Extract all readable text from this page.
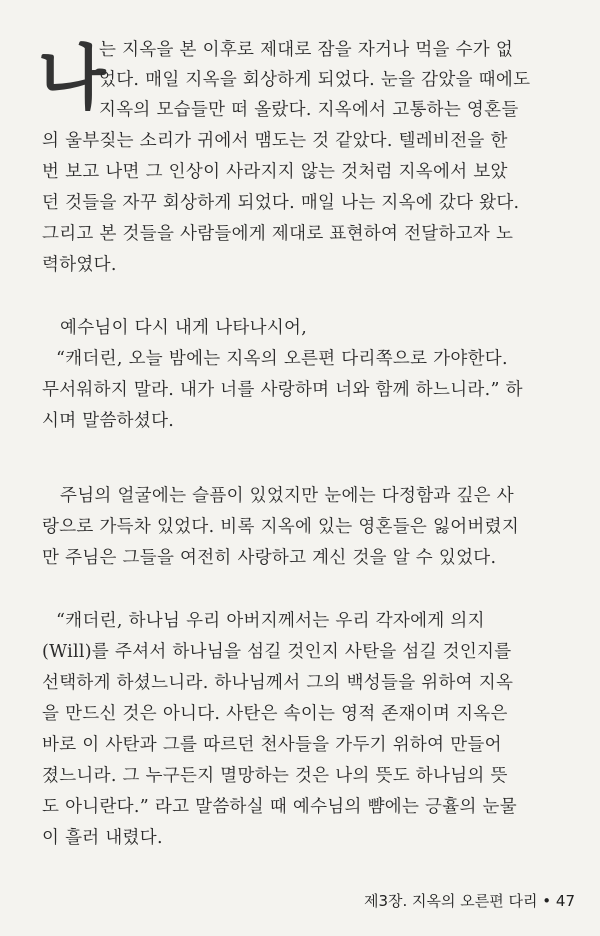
나
는 지옥을 본 이후로 제대로 잠을 자거나 먹을 수가 없
었다. 매일 지옥을 회상하게 되었다. 눈을 감았을 때에도
지옥의 모습들만 떠 올랐다. 지옥에서 고통하는 영혼들
의 울부짖는 소리가 귀에서 맴도는 것 같았다. 텔레비전을 한
번 보고 나면 그 인상이 사라지지 않는 것처럼 지옥에서 보았
던 것들을 자꾸 회상하게 되었다. 매일 나는 지옥에 갔다 왔다.
그리고 본 것들을 사람들에게 제대로 표현하여 전달하고자 노
력하였다.
예수님이 다시 내게 나타나시어,
“캐더린, 오늘 밤에는 지옥의 오른편 다리쪽으로 가야한다.
무서워하지 말라. 내가 너를 사랑하며 너와 함께 하느니라.” 하
시며 말씀하셨다.
주님의 얼굴에는 슬픔이 있었지만 눈에는 다정함과 깊은 사
랑으로 가득차 있었다. 비록 지옥에 있는 영혼들은 잃어버렸지
만 주님은 그들을 여전히 사랑하고 계신 것을 알 수 있었다.
“캐더린, 하나님 우리 아버지께서는 우리 각자에게 의지
(Will)를 주셔서 하나님을 섬길 것인지 사탄을 섬길 것인지를
선택하게 하셨느니라. 하나님께서 그의 백성들을 위하여 지옥
을 만드신 것은 아니다. 사탄은 속이는 영적 존재이며 지옥은
바로 이 사탄과 그를 따르던 천사들을 가두기 위하여 만들어
졌느니라. 그 누구든지 멸망하는 것은 나의 뜻도 하나님의 뜻
도 아니란다.” 라고 말씀하실 때 예수님의 뺨에는 긍휼의 눈물
이 흘러 내렸다.
제3장. 지옥의 오른편 다리 • 47
